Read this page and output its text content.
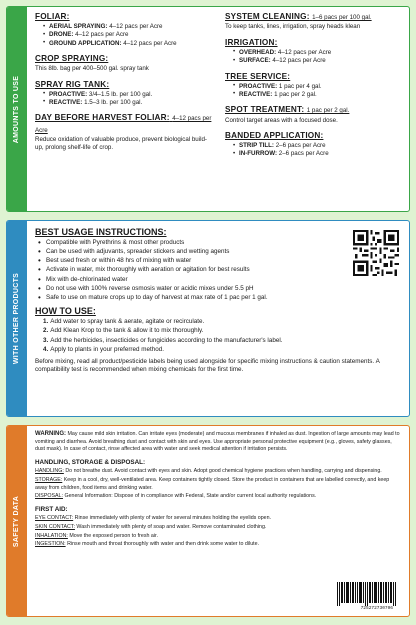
AMOUNTS TO USE
FOLIAR:
• AERIAL SPRAYING: 4–12 pacs per Acre
• DRONE: 4–12 pacs per Acre
• GROUND APPLICATION: 4–12 pacs per Acre
CROP SPRAYING:
This 8lb. bag per 400–500 gal. spray tank
SPRAY RIG TANK:
• PROACTIVE: 3/4–1.5 lb. per 100 gal.
• REACTIVE: 1.5–3 lb. per 100 gal.
DAY BEFORE HARVEST FOLIAR: 4–12 pacs per Acre
Reduce oxidation of valuable produce, prevent biological build-up, prolong shelf-life of crop.
SYSTEM CLEANING: 1–6 pacs per 100 gal.
To keep tanks, lines, irrigation, spray heads klean
IRRIGATION:
• OVERHEAD: 4–12 pacs per Acre
• SURFACE: 4–12 pacs per Acre
TREE SERVICE:
• PROACTIVE: 1 pac per 4 gal.
• REACTIVE: 1 pac per 2 gal.
SPOT TREATMENT: 1 pac per 2 gal.
Control target areas with a focused dose.
BANDED APPLICATION:
• STRIP TILL: 2–6 pacs per Acre
• IN-FURROW: 2–6 pacs per Acre
WITH OTHER PRODUCTS
BEST USAGE INSTRUCTIONS:
• Compatible with Pyrethrins & most other products
• Can be used with adjuvants, spreader stickers and wetting agents
• Best used fresh or within 48 hrs of mixing with water
• Activate in water, mix thoroughly with aeration or agitation for best results
• Mix with de-chlorinated water
• Do not use with 100% reverse osmosis water or acidic mixes under 5.5 pH
• Safe to use on mature crops up to day of harvest at max rate of 1 pac per 1 gal.
HOW TO USE:
1. Add water to spray tank & aerate, agitate or recirculate.
2. Add Klean Krop to the tank & allow it to mix thoroughly.
3. Add the herbicides, insecticides or fungicides according to the manufacturer's label.
4. Apply to plants in your preferred method.
Before mixing, read all product/pesticide labels being used alongside for specific mixing instructions & caution statements. A compatibility test is recommended when mixing chemicals for the first time.
SAFETY DATA
WARNING: May cause mild skin irritation. Can irritate eyes (moderate) and mucous membranes if inhaled as dust. Ingestion of large amounts may lead to vomiting and diarrhea. Avoid breathing dust and contact with skin and eyes. Use appropriate personal protective equipment (e.g., gloves, safety glasses, dust mask). In case of contact, rinse affected area with water and seek medical attention if irritation persists.
HANDLING, STORAGE & DISPOSAL:
HANDLING: Do not breathe dust. Avoid contact with eyes and skin. Adopt good chemical hygiene practices when handling, carrying and dispensing.
STORAGE: Keep in a cool, dry, well-ventilated area. Keep containers tightly closed. Store the product in containers that are labelled correctly, and keep away from children, food items and drinking water.
DISPOSAL: General Information: Dispose of in compliance with Federal, State and/or current local authority regulations.
FIRST AID:
EYE CONTACT: Rinse immediately with plenty of water for several minutes holding the eyelids open.
SKIN CONTACT: Wash immediately with plenty of soap and water. Remove contaminated clothing.
INHALATION: Move the exposed person to fresh air.
INGESTION: Rinse mouth and throat thoroughly with water and then drink some water to dilute.
725272730706
